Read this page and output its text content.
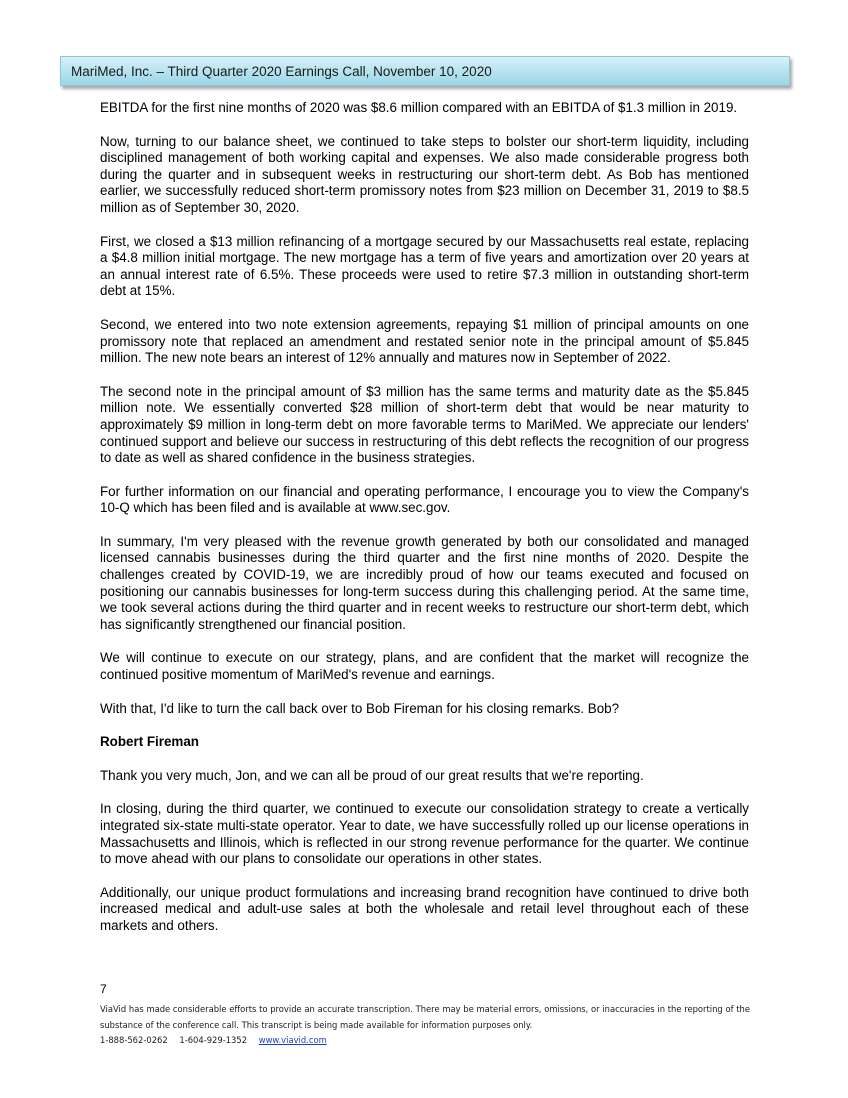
MariMed, Inc. – Third Quarter 2020 Earnings Call, November 10, 2020

EBITDA for the first nine months of 2020 was $8.6 million compared with an EBITDA of $1.3 million in 2019.

Now, turning to our balance sheet, we continued to take steps to bolster our short-term liquidity, including disciplined management of both working capital and expenses. We also made considerable progress both during the quarter and in subsequent weeks in restructuring our short-term debt. As Bob has mentioned earlier, we successfully reduced short-term promissory notes from $23 million on December 31, 2019 to $8.5 million as of September 30, 2020.

First, we closed a $13 million refinancing of a mortgage secured by our Massachusetts real estate, replacing a $4.8 million initial mortgage. The new mortgage has a term of five years and amortization over 20 years at an annual interest rate of 6.5%. These proceeds were used to retire $7.3 million in outstanding short-term debt at 15%.

Second, we entered into two note extension agreements, repaying $1 million of principal amounts on one promissory note that replaced an amendment and restated senior note in the principal amount of $5.845 million. The new note bears an interest of 12% annually and matures now in September of 2022.

The second note in the principal amount of $3 million has the same terms and maturity date as the $5.845 million note. We essentially converted $28 million of short-term debt that would be near maturity to approximately $9 million in long-term debt on more favorable terms to MariMed. We appreciate our lenders' continued support and believe our success in restructuring of this debt reflects the recognition of our progress to date as well as shared confidence in the business strategies.

For further information on our financial and operating performance, I encourage you to view the Company's 10-Q which has been filed and is available at www.sec.gov.

In summary, I'm very pleased with the revenue growth generated by both our consolidated and managed licensed cannabis businesses during the third quarter and the first nine months of 2020. Despite the challenges created by COVID-19, we are incredibly proud of how our teams executed and focused on positioning our cannabis businesses for long-term success during this challenging period. At the same time, we took several actions during the third quarter and in recent weeks to restructure our short-term debt, which has significantly strengthened our financial position.

We will continue to execute on our strategy, plans, and are confident that the market will recognize the continued positive momentum of MariMed's revenue and earnings.

With that, I'd like to turn the call back over to Bob Fireman for his closing remarks. Bob?

Robert Fireman

Thank you very much, Jon, and we can all be proud of our great results that we're reporting.

In closing, during the third quarter, we continued to execute our consolidation strategy to create a vertically integrated six-state multi-state operator. Year to date, we have successfully rolled up our license operations in Massachusetts and Illinois, which is reflected in our strong revenue performance for the quarter. We continue to move ahead with our plans to consolidate our operations in other states.

Additionally, our unique product formulations and increasing brand recognition have continued to drive both increased medical and adult-use sales at both the wholesale and retail level throughout each of these markets and others.

7
ViaVid has made considerable efforts to provide an accurate transcription. There may be material errors, omissions, or inaccuracies in the reporting of the substance of the conference call. This transcript is being made available for information purposes only.
1-888-562-0262 1-604-929-1352 www.viavid.com
